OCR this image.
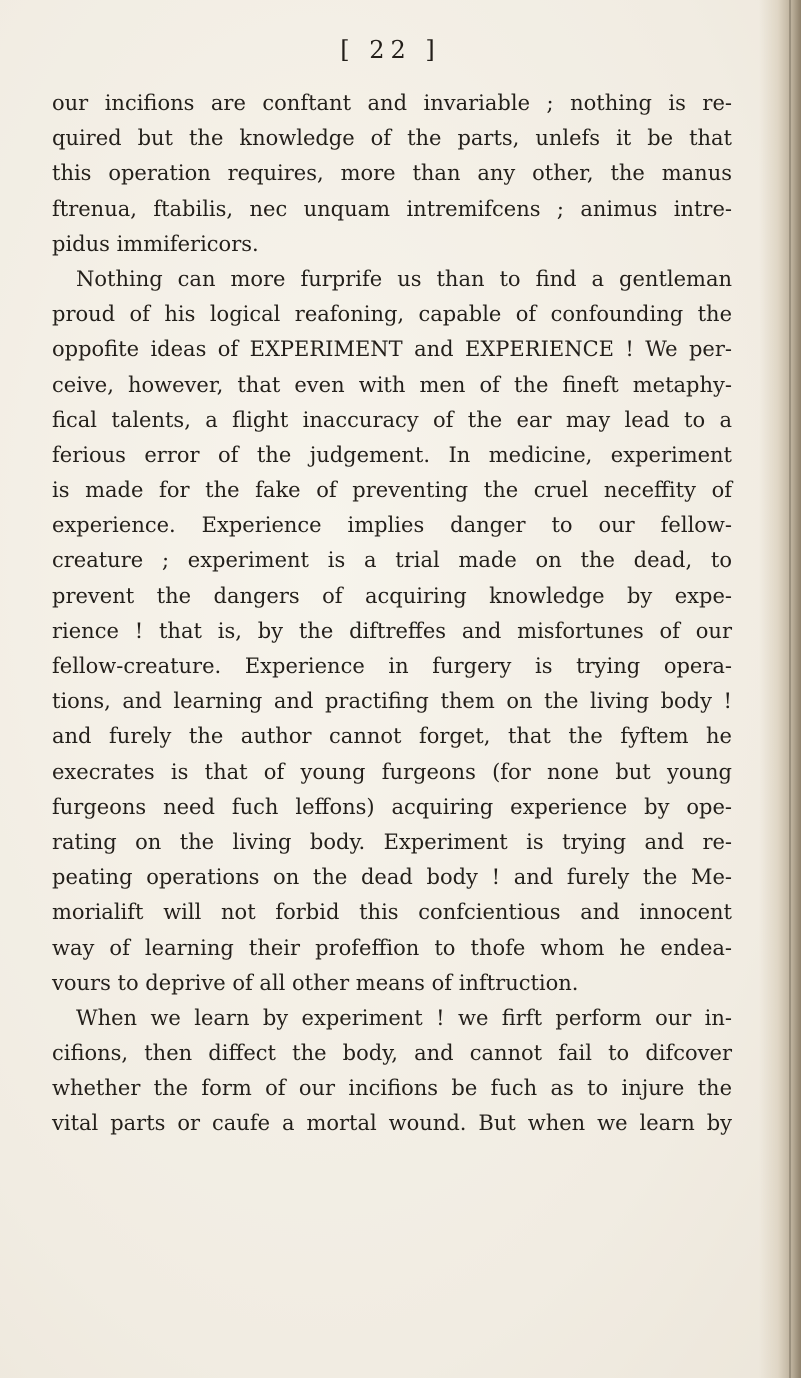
[ 22 ]
our incifions are conftant and invariable ; nothing is re-
quired but the knowledge of the parts, unlefs it be that
this operation requires, more than any other, the manus
ftrenua, ftabilis, nec unquam intremifcens ; animus intre-
pidus immifericors.
Nothing can more furprife us than to find a gentleman
proud of his logical reafoning, capable of confounding the
oppofite ideas of EXPERIMENT and EXPERIENCE ! We per-
ceive, however, that even with men of the fineft metaphy-
fical talents, a flight inaccuracy of the ear may lead to a
ferious error of the judgement. In medicine, experiment
is made for the fake of preventing the cruel neceffity of
experience. Experience implies danger to our fellow-
creature ; experiment is a trial made on the dead, to
prevent the dangers of acquiring knowledge by expe-
rience ! that is, by the diftreffes and misfortunes of our
fellow-creature. Experience in furgery is trying opera-
tions, and learning and practifing them on the living body !
and furely the author cannot forget, that the fyftem he
execrates is that of young furgeons (for none but young
furgeons need fuch leffons) acquiring experience by ope-
rating on the living body. Experiment is trying and re-
peating operations on the dead body ! and furely the Me-
morialift will not forbid this confcientious and innocent
way of learning their profeffion to thofe whom he endea-
vours to deprive of all other means of inftruction.
When we learn by experiment ! we firft perform our in-
cifions, then diffect the body, and cannot fail to difcover
whether the form of our incifions be fuch as to injure the
vital parts or caufe a mortal wound. But when we learn by
